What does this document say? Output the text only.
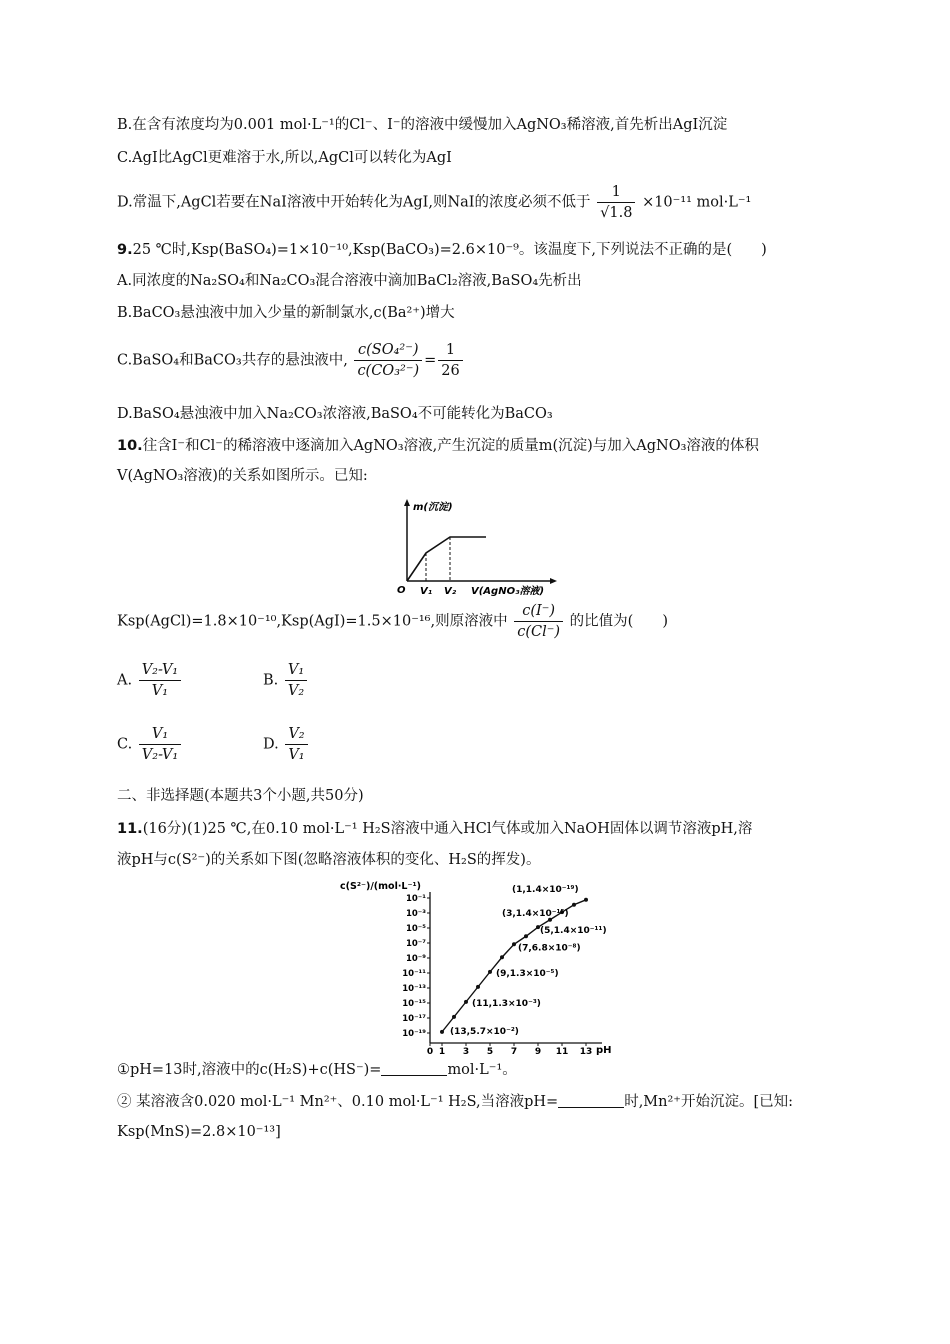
B.在含有浓度均为0.001 mol·L⁻¹的Cl⁻、I⁻的溶液中缓慢加入AgNO₃稀溶液,首先析出AgI沉淀
C.AgI比AgCl更难溶于水,所以,AgCl可以转化为AgI
D.常温下,AgCl若要在NaI溶液中开始转化为AgI,则NaI的浓度必须不低于 $\frac{1}{√1.8} \times 10^{-11}$ mol·L⁻¹
9.25 ℃时,Ksp(BaSO₄)=1×10⁻¹⁰,Ksp(BaCO₃)=2.6×10⁻⁹。该温度下,下列说法不正确的是(　　)
A.同浓度的Na₂SO₄和Na₂CO₃混合溶液中滴加BaCl₂溶液,BaSO₄先析出
B.BaCO₃悬浊液中加入少量的新制氯水,c(Ba²⁺)增大
C.BaSO₄和BaCO₃共存的悬浊液中, $\frac{\text{c(SO₄²⁻)}}{\text{c(CO₃²⁻)}} = \frac{1}{26}$
D.BaSO₄悬浊液中加入Na₂CO₃浓溶液,BaSO₄不可能转化为BaCO₃
10.往含I⁻和Cl⁻的稀溶液中逐滴加入AgNO₃溶液,产生沉淀的质量m(沉淀)与加入AgNO₃溶液的体积
V(AgNO₃溶液)的关系如图所示。已知:
m(沉淀)
O V₁ V₂ V(AgNO₃溶液)
Ksp(AgCl)=1.8×10⁻¹⁰,Ksp(AgI)=1.5×10⁻¹⁶,则原溶液中 $\frac{c(I^-)}{c(Cl^-)}$ 的比值为(　　)
A. $\frac{\text{V₂-V₁}}{\text{V₁}}$	B. $\frac{\text{V₁}}{\text{V₂}}$
C. $\frac{\text{V₁}}{\text{V₂-V₁}}$	D. $\frac{\text{V₂}}{\text{V₁}}$
二、非选择题(本题共3个小题,共50分)
11.(16分)(1)25 ℃,在0.10 mol·L⁻¹ H₂S溶液中通入HCl气体或加入NaOH固体以调节溶液pH,溶
液pH与c(S²⁻)的关系如下图(忽略溶液体积的变化、H₂S的挥发)。
c(S²⁻)/(mol·L⁻¹)
pH
10⁻¹
10⁻³
10⁻⁵
10⁻⁷
10⁻⁹
10⁻¹¹
10⁻¹³
10⁻¹⁵
10⁻¹⁷
10⁻¹⁹
0 1 3 5 7 9 11 13
(13,5.7×10⁻²)
(11,1.3×10⁻³)
(9,1.3×10⁻⁵)
(7,6.8×10⁻⁸)
(5,1.4×10⁻¹¹)
(3,1.4×10⁻¹⁵)
(1,1.4×10⁻¹⁹)
①pH=13时,溶液中的c(H₂S)+c(HS⁻)=	mol·L⁻¹。
② 某溶液含0.020 mol·L⁻¹ Mn²⁺、0.10 mol·L⁻¹ H₂S,当溶液pH=	时,Mn²⁺开始沉淀。[已知:
Ksp(MnS)=2.8×10⁻¹³]
